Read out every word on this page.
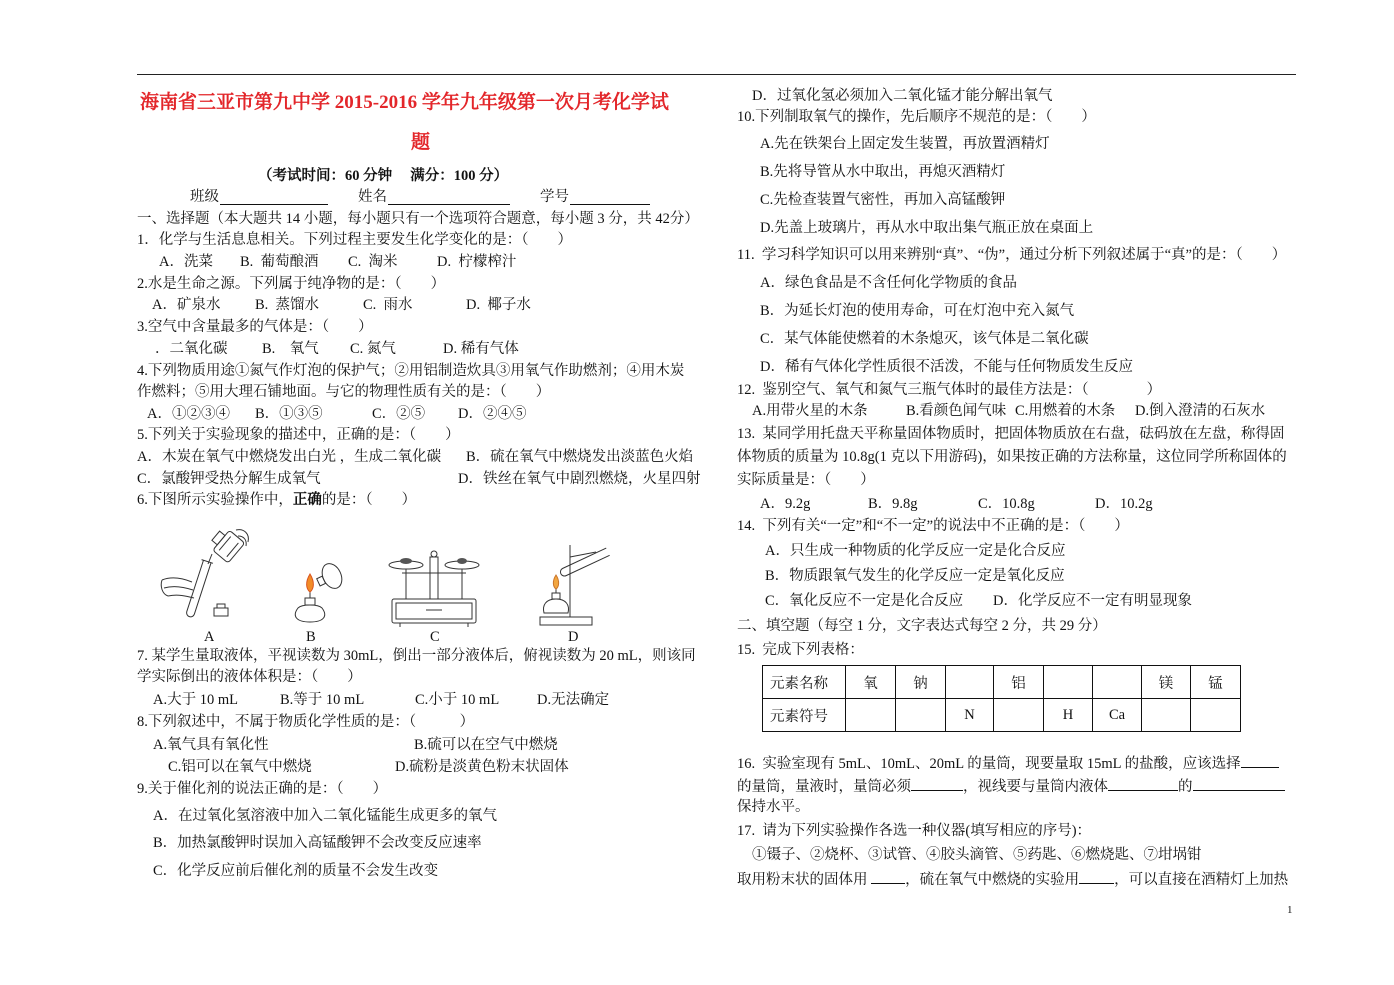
海南省三亚市第九中学 2015-2016 学年九年级第一次月考化学试
题
（考试时间：60 分钟　 满分：100 分）
班级	姓名	学号
一、选择题（本大题共 14 小题，每小题只有一个选项符合题意，每小题 3 分，共 42分）
1．化学与生活息息相关。下列过程主要发生化学变化的是：（　　）
A．洗菜 B.  葡萄酿酒 C.  淘米	D.  柠檬榨汁
2.水是生命之源。下列属于纯净物的是：（　　）
A．矿泉水 B.  蒸馏水	C.  雨水	D.  椰子水
3.空气中含量最多的气体是：（　　）
．二氧化碳 B.　氧气 C. 氮气	D. 稀有气体
4.下列物质用途①氮气作灯泡的保护气；②用铝制造炊具③用氧气作助燃剂；④用木炭
作燃料；⑤用大理石铺地面。与它的物理性质有关的是：（　　）
A．①②③④ B．①③⑤	C．②⑤ D．②④⑤
5.下列关于实验现象的描述中，正确的是：（　　）
A．木炭在氧气中燃烧发出白光 ，生成二氧化碳	B．硫在氧气中燃烧发出淡蓝色火焰
C．氯酸钾受热分解生成氧气	D．铁丝在氧气中剧烈燃烧，火星四射
6.下图所示实验操作中，正确的是：（　　）
A	B	C	D
7. 某学生量取液体，平视读数为 30mL，倒出一部分液体后，俯视读数为 20 mL，则该同
学实际倒出的液体体积是：（　　）
A.大于 10 mL	B.等于 10 mL	C.小于 10 mL	D.无法确定
8.下列叙述中，不属于物质化学性质的是：（　　　）
A.氧气具有氧化性	B.硫可以在空气中燃烧
C.铝可以在氧气中燃烧	D.硫粉是淡黄色粉末状固体
9.关于催化剂的说法正确的是：（　　）
A．在过氧化氢溶液中加入二氧化锰能生成更多的氧气
B．加热氯酸钾时误加入高锰酸钾不会改变反应速率
C．化学反应前后催化剂的质量不会发生改变
D．过氧化氢必须加入二氧化锰才能分解出氧气
10.下列制取氧气的操作，先后顺序不规范的是：（　　）
A.先在铁架台上固定发生装置，再放置酒精灯
B.先将导管从水中取出，再熄灭酒精灯
C.先检查装置气密性，再加入高锰酸钾
D.先盖上玻璃片，再从水中取出集气瓶正放在桌面上
11.  学习科学知识可以用来辨别“真”、“伪”，通过分析下列叙述属于“真”的是：（　　）
A．绿色食品是不含任何化学物质的食品
B．为延长灯泡的使用寿命，可在灯泡中充入氮气
C．某气体能使燃着的木条熄灭，该气体是二氧化碳
D．稀有气体化学性质很不活泼，不能与任何物质发生反应
12.  鉴别空气、氧气和氮气三瓶气体时的最佳方法是：（　　　　）
A.用带火星的木条	B.看颜色闻气味 C.用燃着的木条 D.倒入澄清的石灰水
13.  某同学用托盘天平称量固体物质时，把固体物质放在右盘，砝码放在左盘，称得固
体物质的质量为 10.8g(1 克以下用游码)，如果按正确的方法称量，这位同学所称固体的
实际质量是：（　　）
A．9.2g	B．9.8g	C．10.8g	D．10.2g
14.  下列有关“一定”和“不一定”的说法中不正确的是：（　　）
A．只生成一种物质的化学反应一定是化合反应
B．物质跟氧气发生的化学反应一定是氧化反应
C．氧化反应不一定是化合反应 D．化学反应不一定有明显现象
二、填空题（每空 1 分，文字表达式每空 2 分，共 29 分）
15.  完成下列表格：
元素名称	氧	钠		铝			镁	锰
元素符号			N		H	Ca		
16.  实验室现有 5mL、10mL、20mL 的量筒，现要量取 15mL 的盐酸，应该选择
的量筒，量液时，量筒必须	，视线要与量筒内液体	的
保持水平。
17.  请为下列实验操作各选一种仪器(填写相应的序号)：
①镊子、②烧杯、③试管、④胶头滴管、⑤药匙、⑥燃烧匙、⑦坩埚钳
取用粉末状的固体用 ，硫在氧气中燃烧的实验用 ，可以直接在酒精灯上加热
1
